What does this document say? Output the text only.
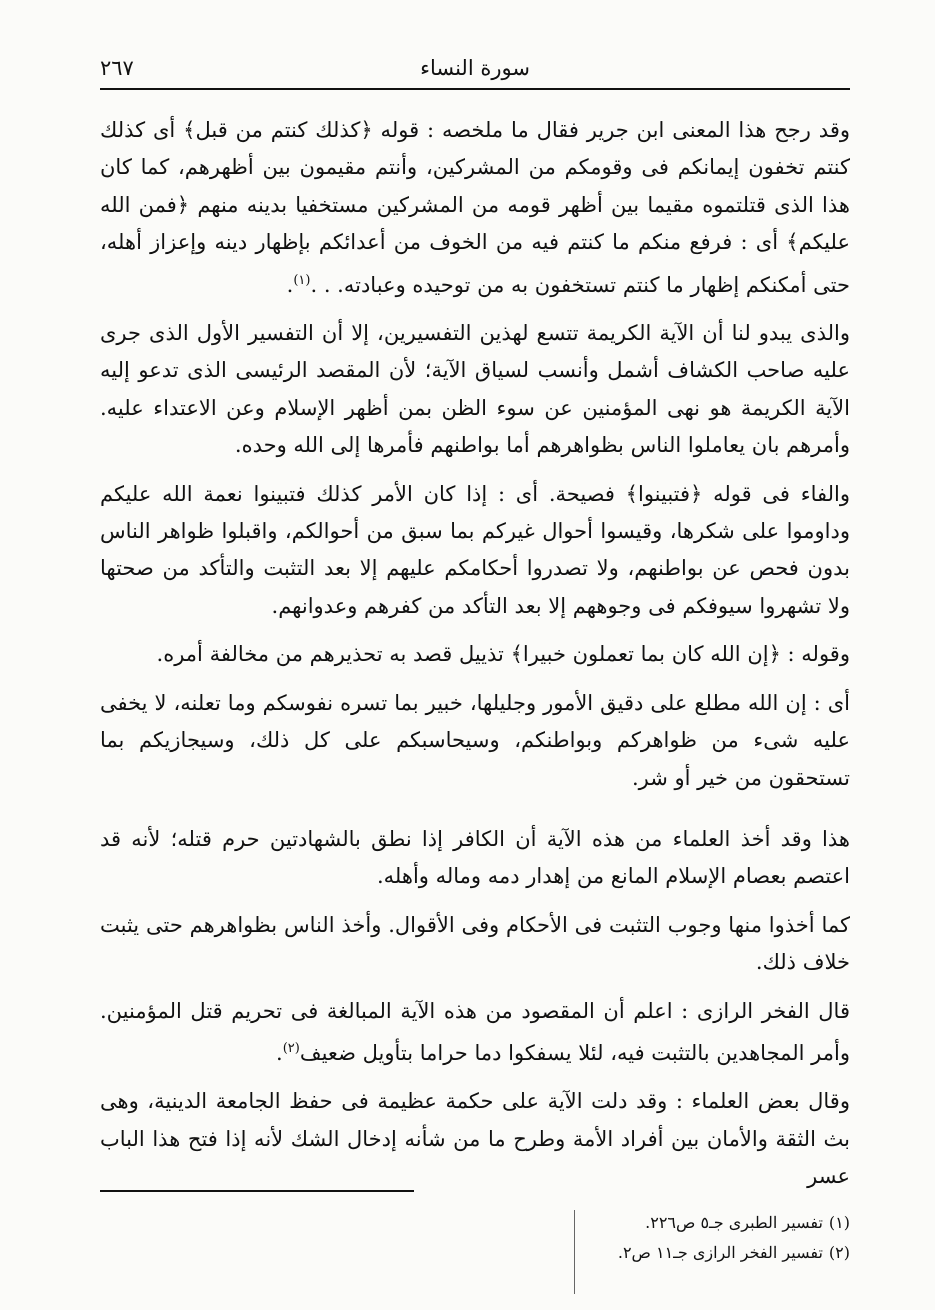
٢٦٧	سورة النساء

وقد رجح هذا المعنى ابن جرير فقال ما ملخصه : قوله ﴿كذلك كنتم من قبل﴾ أى كذلك كنتم تخفون إيمانكم فى وقومكم من المشركين، وأنتم مقيمون بين أظهرهم، كما كان هذا الذى قتلتموه مقيما بين أظهر قومه من المشركين مستخفيا بدينه منهم ﴿فمن الله عليكم﴾ أى : فرفع منكم ما كنتم فيه من الخوف من أعدائكم بإظهار دينه وإعزاز أهله، حتى أمكنكم إظهار ما كنتم تستخفون به من توحيده وعبادته. . .$^{(١)}$.

والذى يبدو لنا أن الآية الكريمة تتسع لهذين التفسيرين، إلا أن التفسير الأول الذى جرى عليه صاحب الكشاف أشمل وأنسب لسياق الآية؛ لأن المقصد الرئيسى الذى تدعو إليه الآية الكريمة هو نهى المؤمنين عن سوء الظن بمن أظهر الإسلام وعن الاعتداء عليه. وأمرهم بان يعاملوا الناس بظواهرهم أما بواطنهم فأمرها إلى الله وحده.

والفاء فى قوله ﴿فتبينوا﴾ فصيحة. أى : إذا كان الأمر كذلك فتبينوا نعمة الله عليكم وداوموا على شكرها، وقيسوا أحوال غيركم بما سبق من أحوالكم، واقبلوا ظواهر الناس بدون فحص عن بواطنهم، ولا تصدروا أحكامكم عليهم إلا بعد التثبت والتأكد من صحتها ولا تشهروا سيوفكم فى وجوههم إلا بعد التأكد من كفرهم وعدوانهم.

وقوله : ﴿إن الله كان بما تعملون خبيرا﴾ تذييل قصد به تحذيرهم من مخالفة أمره.

أى : إن الله مطلع على دقيق الأمور وجليلها، خبير بما تسره نفوسكم وما تعلنه، لا يخفى عليه شىء من ظواهركم وبواطنكم، وسيحاسبكم على كل ذلك، وسيجازيكم بما تستحقون من خير أو شر.

هذا وقد أخذ العلماء من هذه الآية أن الكافر إذا نطق بالشهادتين حرم قتله؛ لأنه قد اعتصم بعصام الإسلام المانع من إهدار دمه وماله وأهله.

كما أخذوا منها وجوب التثبت فى الأحكام وفى الأقوال. وأخذ الناس بظواهرهم حتى يثبت خلاف ذلك.

قال الفخر الرازى : اعلم أن المقصود من هذه الآية المبالغة فى تحريم قتل المؤمنين. وأمر المجاهدين بالتثبت فيه، لئلا يسفكوا دما حراما بتأويل ضعيف$^{(٢)}$.

وقال بعض العلماء : وقد دلت الآية على حكمة عظيمة فى حفظ الجامعة الدينية، وهى بث الثقة والأمان بين أفراد الأمة وطرح ما من شأنه إدخال الشك لأنه إذا فتح هذا الباب عسر

(١)تفسير الطبرى جـ٥ ص٢٢٦.

(٢)تفسير الفخر الرازى جـ١١ ص٢.
